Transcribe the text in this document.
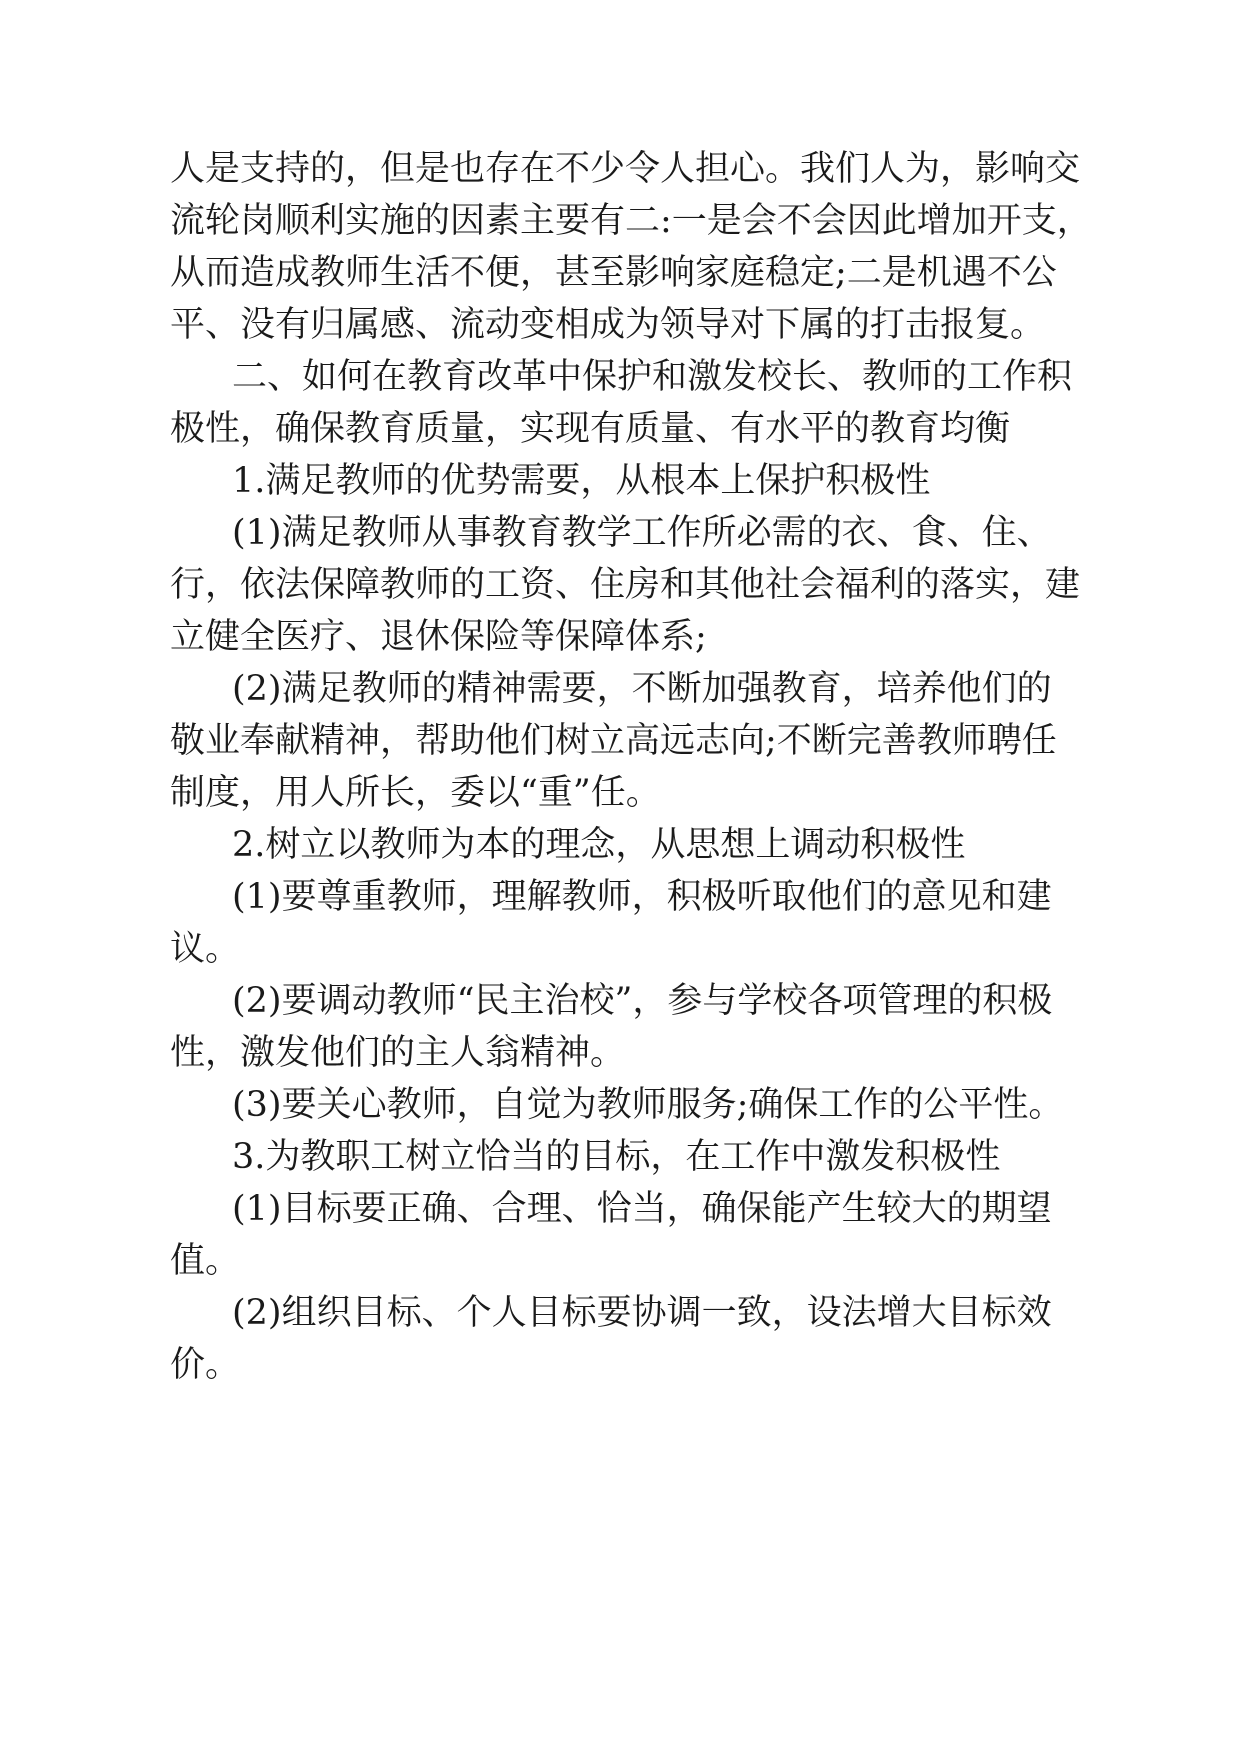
人是支持的，但是也存在不少令人担心。我们人为，影响交

流轮岗顺利实施的因素主要有二:一是会不会因此增加开支，

从而造成教师生活不便，甚至影响家庭稳定;二是机遇不公

平、没有归属感、流动变相成为领导对下属的打击报复。

二、如何在教育改革中保护和激发校长、教师的工作积

极性，确保教育质量，实现有质量、有水平的教育均衡

1.满足教师的优势需要，从根本上保护积极性

(1)满足教师从事教育教学工作所必需的衣、食、住、

行，依法保障教师的工资、住房和其他社会福利的落实，建

立健全医疗、退休保险等保障体系;

(2)满足教师的精神需要，不断加强教育，培养他们的

敬业奉献精神，帮助他们树立高远志向;不断完善教师聘任

制度，用人所长，委以“重”任。

2.树立以教师为本的理念，从思想上调动积极性

(1)要尊重教师，理解教师，积极听取他们的意见和建

议。

(2)要调动教师“民主治校”，参与学校各项管理的积极

性，激发他们的主人翁精神。

(3)要关心教师，自觉为教师服务;确保工作的公平性。

3.为教职工树立恰当的目标，在工作中激发积极性

(1)目标要正确、合理、恰当，确保能产生较大的期望

值。

(2)组织目标、个人目标要协调一致，设法增大目标效

价。
